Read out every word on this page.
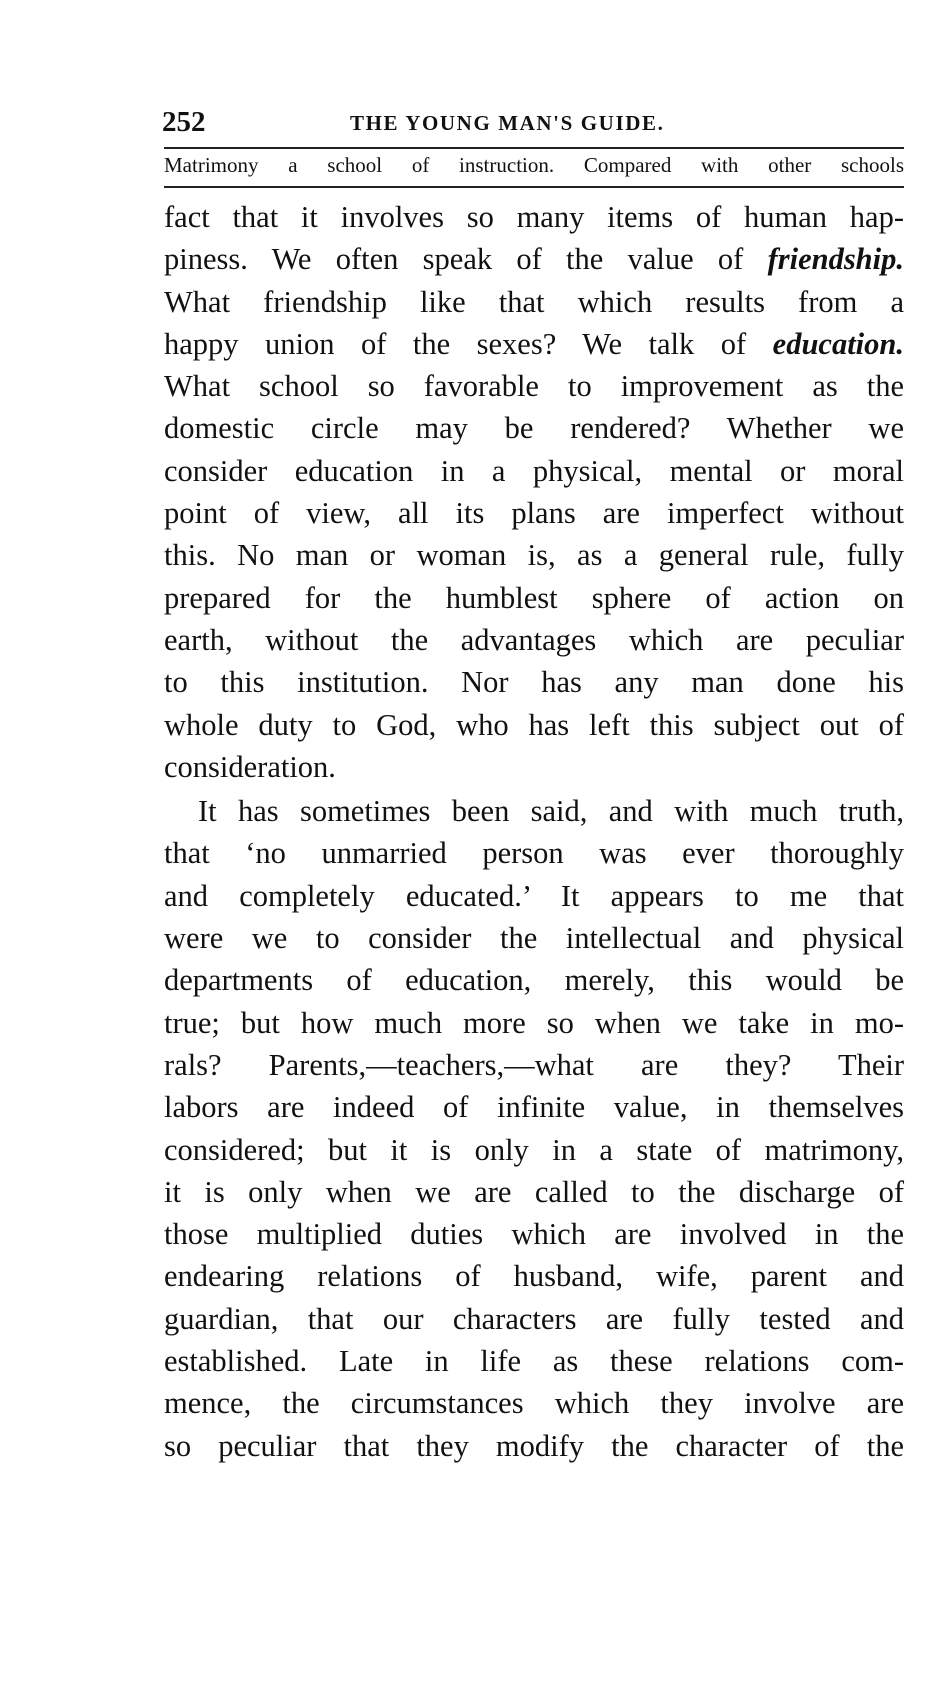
252	THE YOUNG MAN'S GUIDE.
Matrimony a school of instruction. Compared with other schools
fact that it involves so many items of human hap-
piness. We often speak of the value of friendship.
What friendship like that which results from a
happy union of the sexes? We talk of education.
What school so favorable to improvement as the
domestic circle may be rendered? Whether we
consider education in a physical, mental or moral
point of view, all its plans are imperfect without
this. No man or woman is, as a general rule, fully
prepared for the humblest sphere of action on
earth, without the advantages which are peculiar
to this institution. Nor has any man done his
whole duty to God, who has left this subject out of
consideration.
It has sometimes been said, and with much truth,
that ‘no unmarried person was ever thoroughly
and completely educated.’ It appears to me that
were we to consider the intellectual and physical
departments of education, merely, this would be
true; but how much more so when we take in mo-
rals? Parents,—teachers,—what are they? Their
labors are indeed of infinite value, in themselves
considered; but it is only in a state of matrimony,
it is only when we are called to the discharge of
those multiplied duties which are involved in the
endearing relations of husband, wife, parent and
guardian, that our characters are fully tested and
established. Late in life as these relations com-
mence, the circumstances which they involve are
so peculiar that they modify the character of the
